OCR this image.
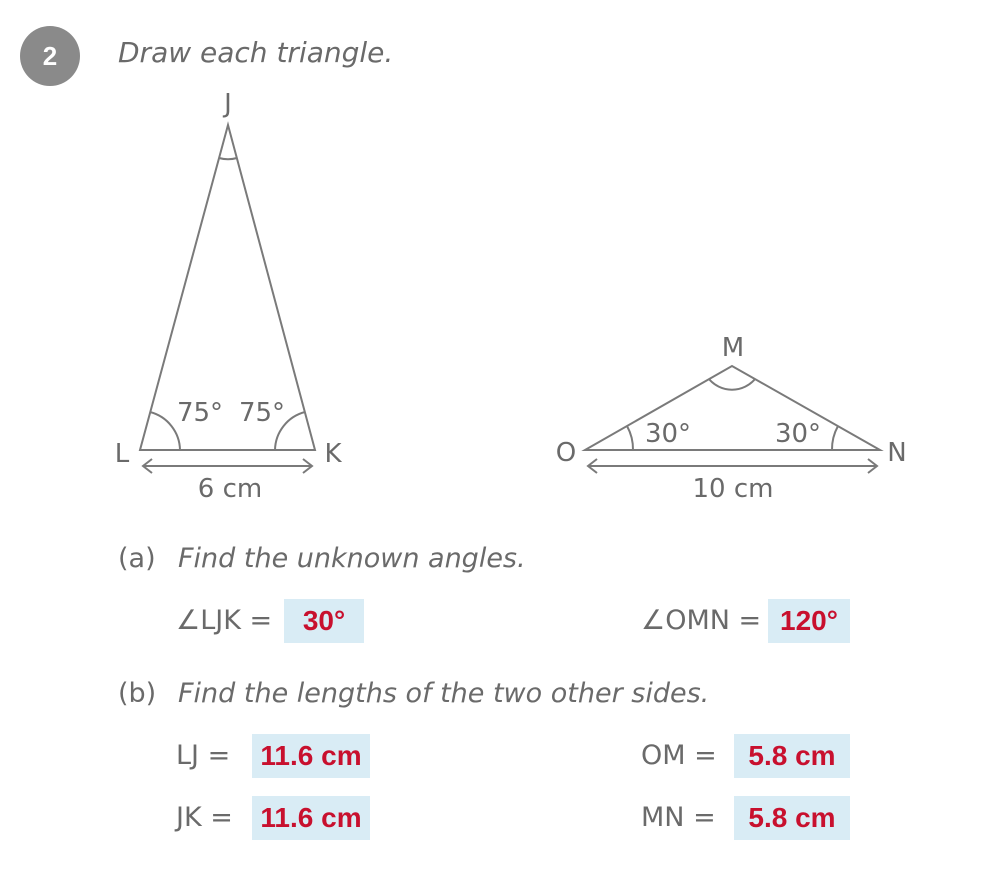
2	Draw each triangle.
J
L	K
75° 75°
6 cm
M
O	N
30°	30°
10 cm
(a) Find the unknown angles.
∠LJK =	30°	∠OMN = 120°
(b) Find the lengths of the two other sides.
LJ = 11.6 cm	OM =	5.8 cm
JK = 11.6 cm	MN =	5.8 cm
